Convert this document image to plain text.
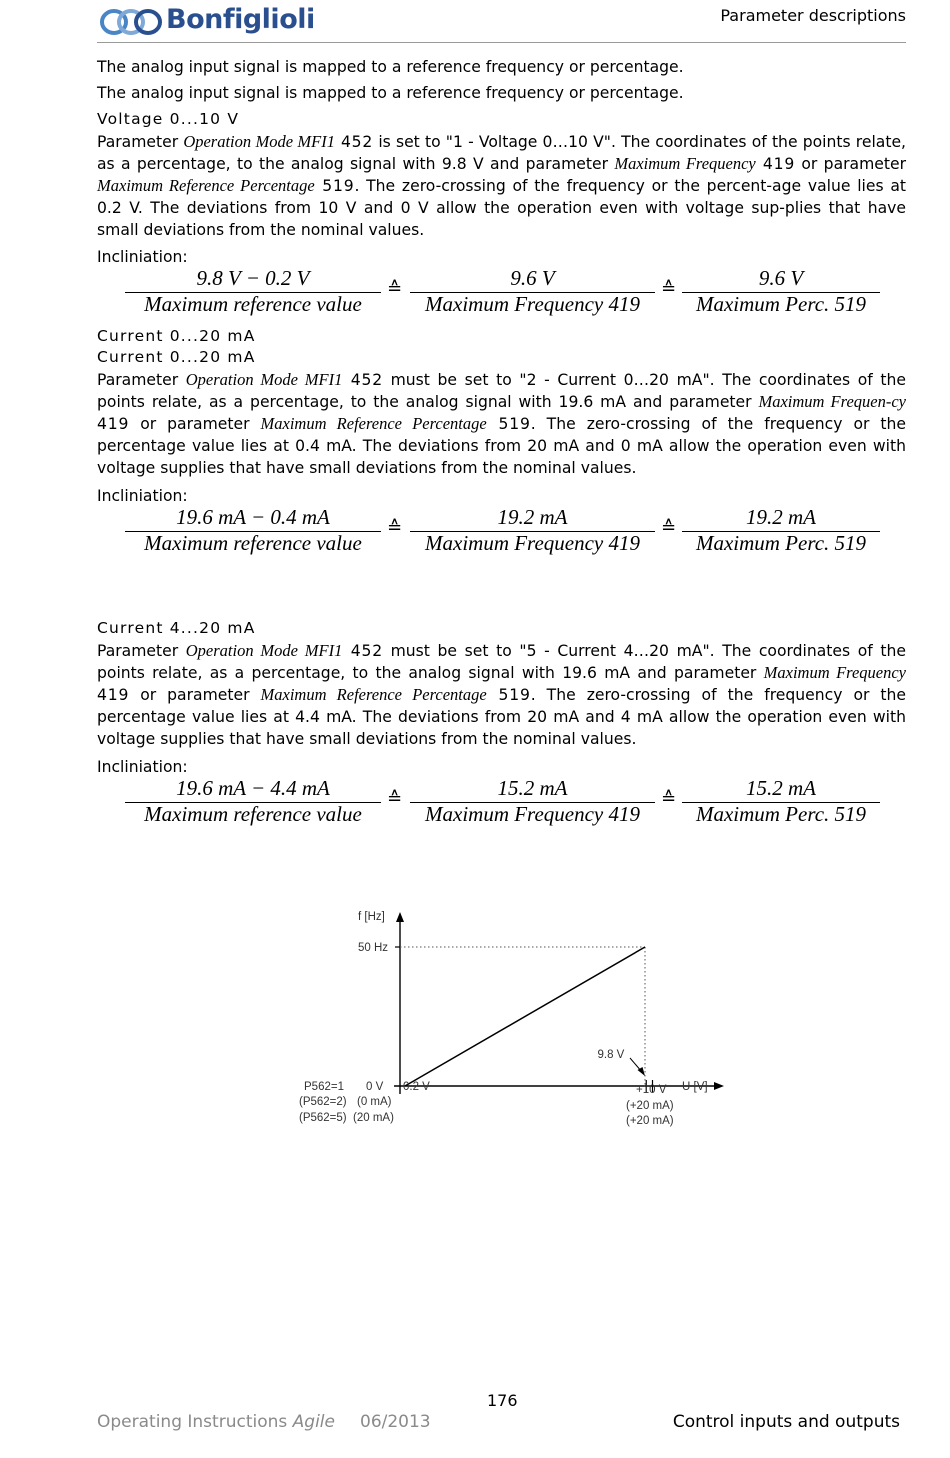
Bonfiglioli	Parameter descriptions
The analog input signal is mapped to a reference frequency or percentage.
The analog input signal is mapped to a reference frequency or percentage.
Voltage 0...10 V
Parameter Operation Mode MFI1 452 is set to "1 - Voltage 0…10 V". The coordinates of the points relate, as a percentage, to the analog signal with 9.8 V and parameter Maximum Frequency 419 or parameter Maximum Reference Percentage 519. The zero-crossing of the frequency or the percent-age value lies at 0.2 V. The deviations from 10 V and 0 V allow the operation even with voltage sup-plies that have small deviations from the nominal values.
Incliniation:
9.8 V − 0.2 V
Maximum reference value
9.6 V
Maximum Frequency 419
9.6 V
Maximum Perc. 519
≙	≙
Current 0...20 mA
Current 0...20 mA
Parameter Operation Mode MFI1 452 must be set to "2 - Current 0…20 mA". The coordinates of the points relate, as a percentage, to the analog signal with 19.6 mA and parameter Maximum Frequen-cy 419 or parameter Maximum Reference Percentage 519. The zero-crossing of the frequency or the percentage value lies at 0.4 mA. The deviations from 20 mA and 0 mA allow the operation even with voltage supplies that have small deviations from the nominal values.
Incliniation:
19.6 mA − 0.4 mA
Maximum reference value
19.2 mA
Maximum Frequency 419
19.2 mA
Maximum Perc. 519
≙	≙
Current 4...20 mA
Parameter Operation Mode MFI1 452 must be set to "5 - Current 4…20 mA". The coordinates of the points relate, as a percentage, to the analog signal with 19.6 mA and parameter Maximum Frequency 419 or parameter Maximum Reference Percentage 519. The zero-crossing of the frequency or the percentage value lies at 4.4 mA. The deviations from 20 mA and 4 mA allow the operation even with voltage supplies that have small deviations from the nominal values.
Incliniation:
19.6 mA − 4.4 mA
Maximum reference value
15.2 mA
Maximum Frequency 419
15.2 mA
Maximum Perc. 519
≙	≙
f [Hz]
50 Hz
U [V]
9.8 V
P562=1 0 V 0.2 V
(P562=2) (0 mA)
(P562=5) (20 mA)
+10 V
(+20 mA)
(+20 mA)
176
Operating Instructions Agile 06/2013	Control inputs and outputs
